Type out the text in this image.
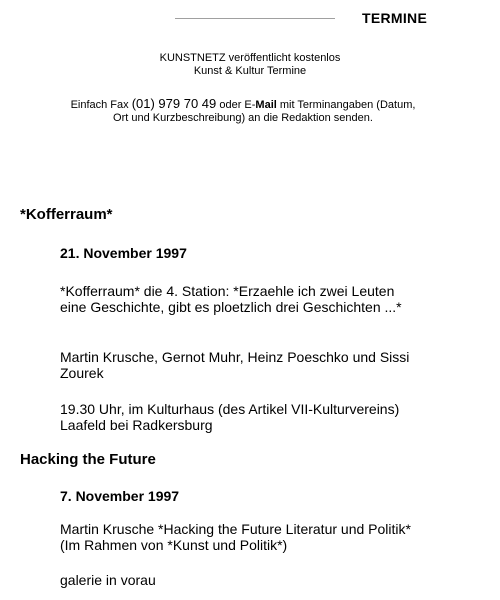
TERMINE
KUNSTNETZ veröffentlicht kostenlos
Kunst & Kultur Termine
Einfach Fax (01) 979 70 49 oder E-Mail mit Terminangaben (Datum,
Ort und Kurzbeschreibung) an die Redaktion senden.
*Kofferraum*
21. November 1997
*Kofferraum* die 4. Station: *Erzaehle ich zwei Leuten eine Geschichte, gibt es ploetzlich drei Geschichten ...*
Martin Krusche, Gernot Muhr, Heinz Poeschko und Sissi Zourek
19.30 Uhr, im Kulturhaus (des Artikel VII-Kulturvereins) Laafeld bei Radkersburg
Hacking the Future
7. November 1997
Martin Krusche *Hacking the Future Literatur und Politik* (Im Rahmen von *Kunst und Politik*)
galerie in vorau
